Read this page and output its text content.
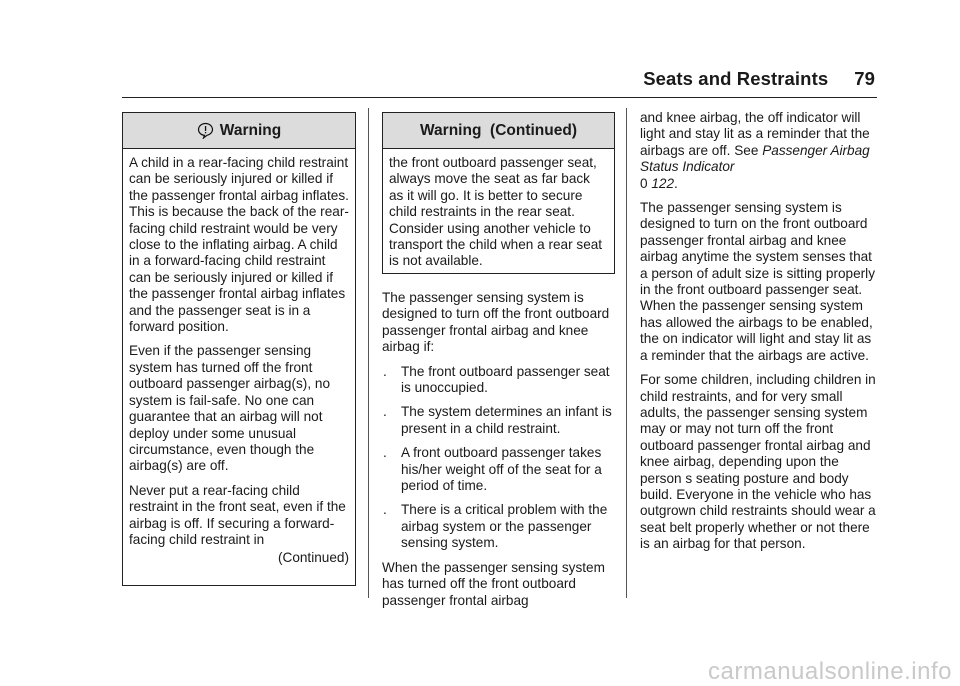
Seats and Restraints 79
Warning

A child in a rear-facing child restraint can be seriously injured or killed if the passenger frontal airbag inflates. This is because the back of the rear-facing child restraint would be very close to the inflating airbag. A child in a forward-facing child restraint can be seriously injured or killed if the passenger frontal airbag inflates and the passenger seat is in a forward position.

Even if the passenger sensing system has turned off the front outboard passenger airbag(s), no system is fail-safe. No one can guarantee that an airbag will not deploy under some unusual circumstance, even though the airbag(s) are off.

Never put a rear-facing child restraint in the front seat, even if the airbag is off. If securing a forward-facing child restraint in

(Continued)
Warning  (Continued)

the front outboard passenger seat, always move the seat as far back as it will go. It is better to secure child restraints in the rear seat. Consider using another vehicle to transport the child when a rear seat is not available.

The passenger sensing system is designed to turn off the front outboard passenger frontal airbag and knee airbag if:

. The front outboard passenger seat is unoccupied.
. The system determines an infant is present in a child restraint.
. A front outboard passenger takes his/her weight off of the seat for a period of time.
. There is a critical problem with the airbag system or the passenger sensing system.

When the passenger sensing system has turned off the front outboard passenger frontal airbag

and knee airbag, the off indicator will light and stay lit as a reminder that the airbags are off. See Passenger Airbag Status Indicator
0 122.

The passenger sensing system is designed to turn on the front outboard passenger frontal airbag and knee airbag anytime the system senses that a person of adult size is sitting properly in the front outboard passenger seat. When the passenger sensing system has allowed the airbags to be enabled, the on indicator will light and stay lit as a reminder that the airbags are active.

For some children, including children in child restraints, and for very small adults, the passenger sensing system may or may not turn off the front outboard passenger frontal airbag and knee airbag, depending upon the person s seating posture and body build. Everyone in the vehicle who has outgrown child restraints should wear a seat belt properly whether or not there is an airbag for that person.

carmanualsonline.info
